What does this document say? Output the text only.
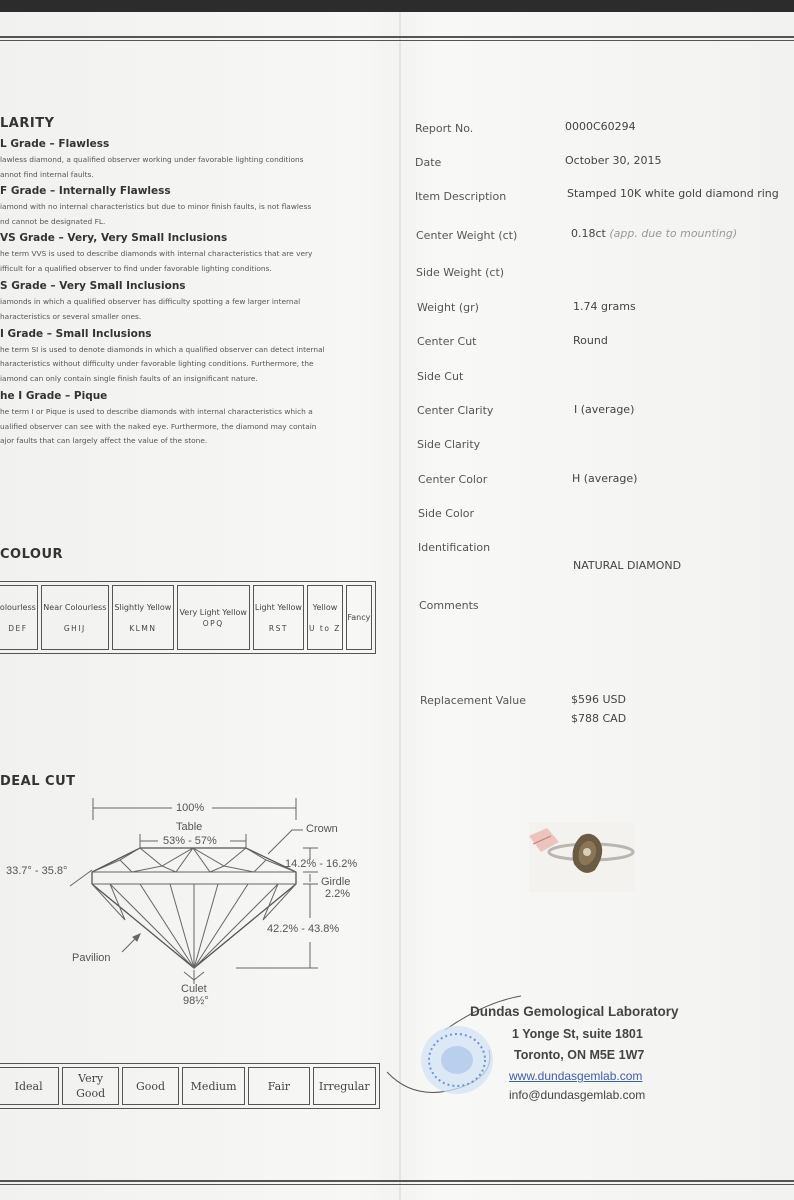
LARITY
L Grade – Flawless
lawless diamond, a qualified observer working under favorable lighting conditions
annot find internal faults.
F Grade – Internally Flawless
iamond with no internal characteristics but due to minor finish faults, is not flawless
nd cannot be designated FL.
VS Grade – Very, Very Small Inclusions
he term VVS is used to describe diamonds with internal characteristics that are very
ifficult for a qualified observer to find under favorable lighting conditions.
S Grade – Very Small Inclusions
iamonds in which a qualified observer has difficulty spotting a few larger internal
haracteristics or several smaller ones.
I Grade – Small Inclusions
he term SI is used to denote diamonds in which a qualified observer can detect internal
haracteristics without difficulty under favorable lighting conditions. Furthermore, the
iamond can only contain single finish faults of an insignificant nature.
he I Grade – Pique
he term I or Pique is used to describe diamonds with internal characteristics which a
ualified observer can see with the naked eye. Furthermore, the diamond may contain
ajor faults that can largely affect the value of the stone.
COLOUR
olourless
DEF
	Near Colourless
GHIJ
	Slightly Yellow
KLMN
	Very Light Yellow
OPQ
	Light Yellow
RST
	Yellow
U to Z
	Fancy
DEAL CUT
100%
Table
53% - 57%
Crown
33.7° - 35.8°
14.2% - 16.2%
Girdle
2.2%
42.2% - 43.8%
Pavilion
Culet
98½°
Ideal	Very Good	Good	Medium	Fair	Irregular
Report No.	0000C60294
Date	October 30, 2015
Item Description	Stamped 10K white gold diamond ring
Center Weight (ct)	0.18ct (app. due to mounting)
Side Weight (ct)
Weight (gr)	1.74 grams
Center Cut	Round
Side Cut
Center Clarity	I (average)
Side Clarity
Center Color	H (average)
Side Color
Identification
NATURAL DIAMOND
Comments
Replacement Value	$596 USD
$788 CAD
Dundas Gemological Laboratory
1 Yonge St, suite 1801
Toronto, ON M5E 1W7
www.dundasgemlab.com
info@dundasgemlab.com
